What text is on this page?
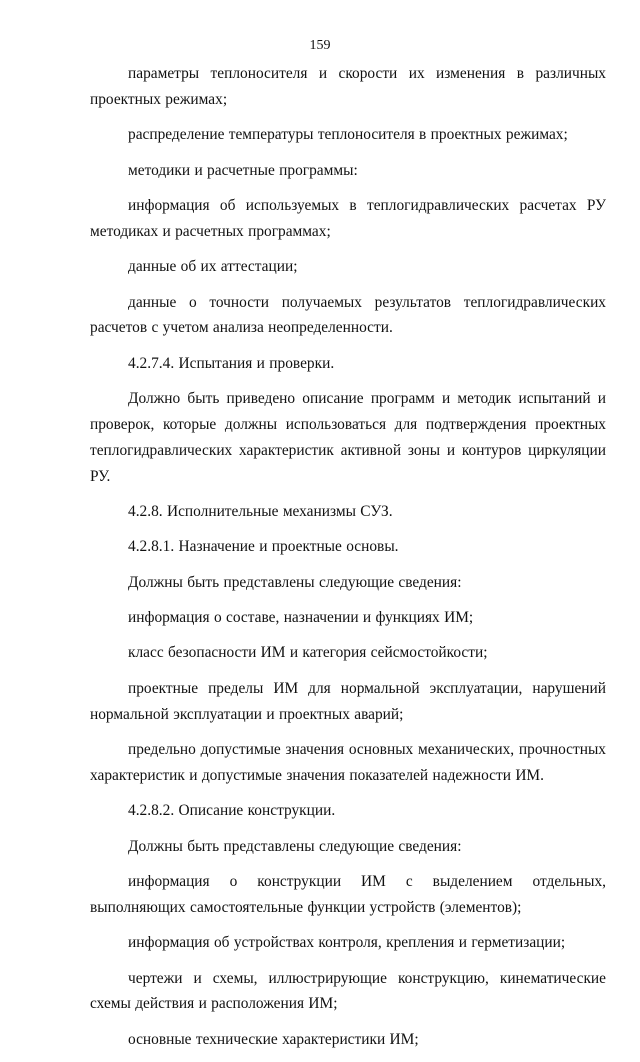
159

параметры теплоносителя и скорости их изменения в различных проектных режимах;

распределение температуры теплоносителя в проектных режимах;

методики и расчетные программы:

информация об используемых в теплогидравлических расчетах РУ методиках и расчетных программах;

данные об их аттестации;

данные о точности получаемых результатов теплогидравлических расчетов с учетом анализа неопределенности.

4.2.7.4. Испытания и проверки.

Должно быть приведено описание программ и методик испытаний и проверок, которые должны использоваться для подтверждения проектных теплогидравлических характеристик активной зоны и контуров циркуляции РУ.

4.2.8. Исполнительные механизмы СУЗ.

4.2.8.1. Назначение и проектные основы.

Должны быть представлены следующие сведения:

информация о составе, назначении и функциях ИМ;

класс безопасности ИМ и категория сейсмостойкости;

проектные пределы ИМ для нормальной эксплуатации, нарушений нормальной эксплуатации и проектных аварий;

предельно допустимые значения основных механических, прочностных характеристик и допустимые значения показателей надежности ИМ.

4.2.8.2. Описание конструкции.

Должны быть представлены следующие сведения:

информация о конструкции ИМ с выделением отдельных, выполняющих самостоятельные функции устройств (элементов);

информация об устройствах контроля, крепления и герметизации;

чертежи и схемы, иллюстрирующие конструкцию, кинематические схемы действия и расположения ИМ;

основные технические характеристики ИМ;
